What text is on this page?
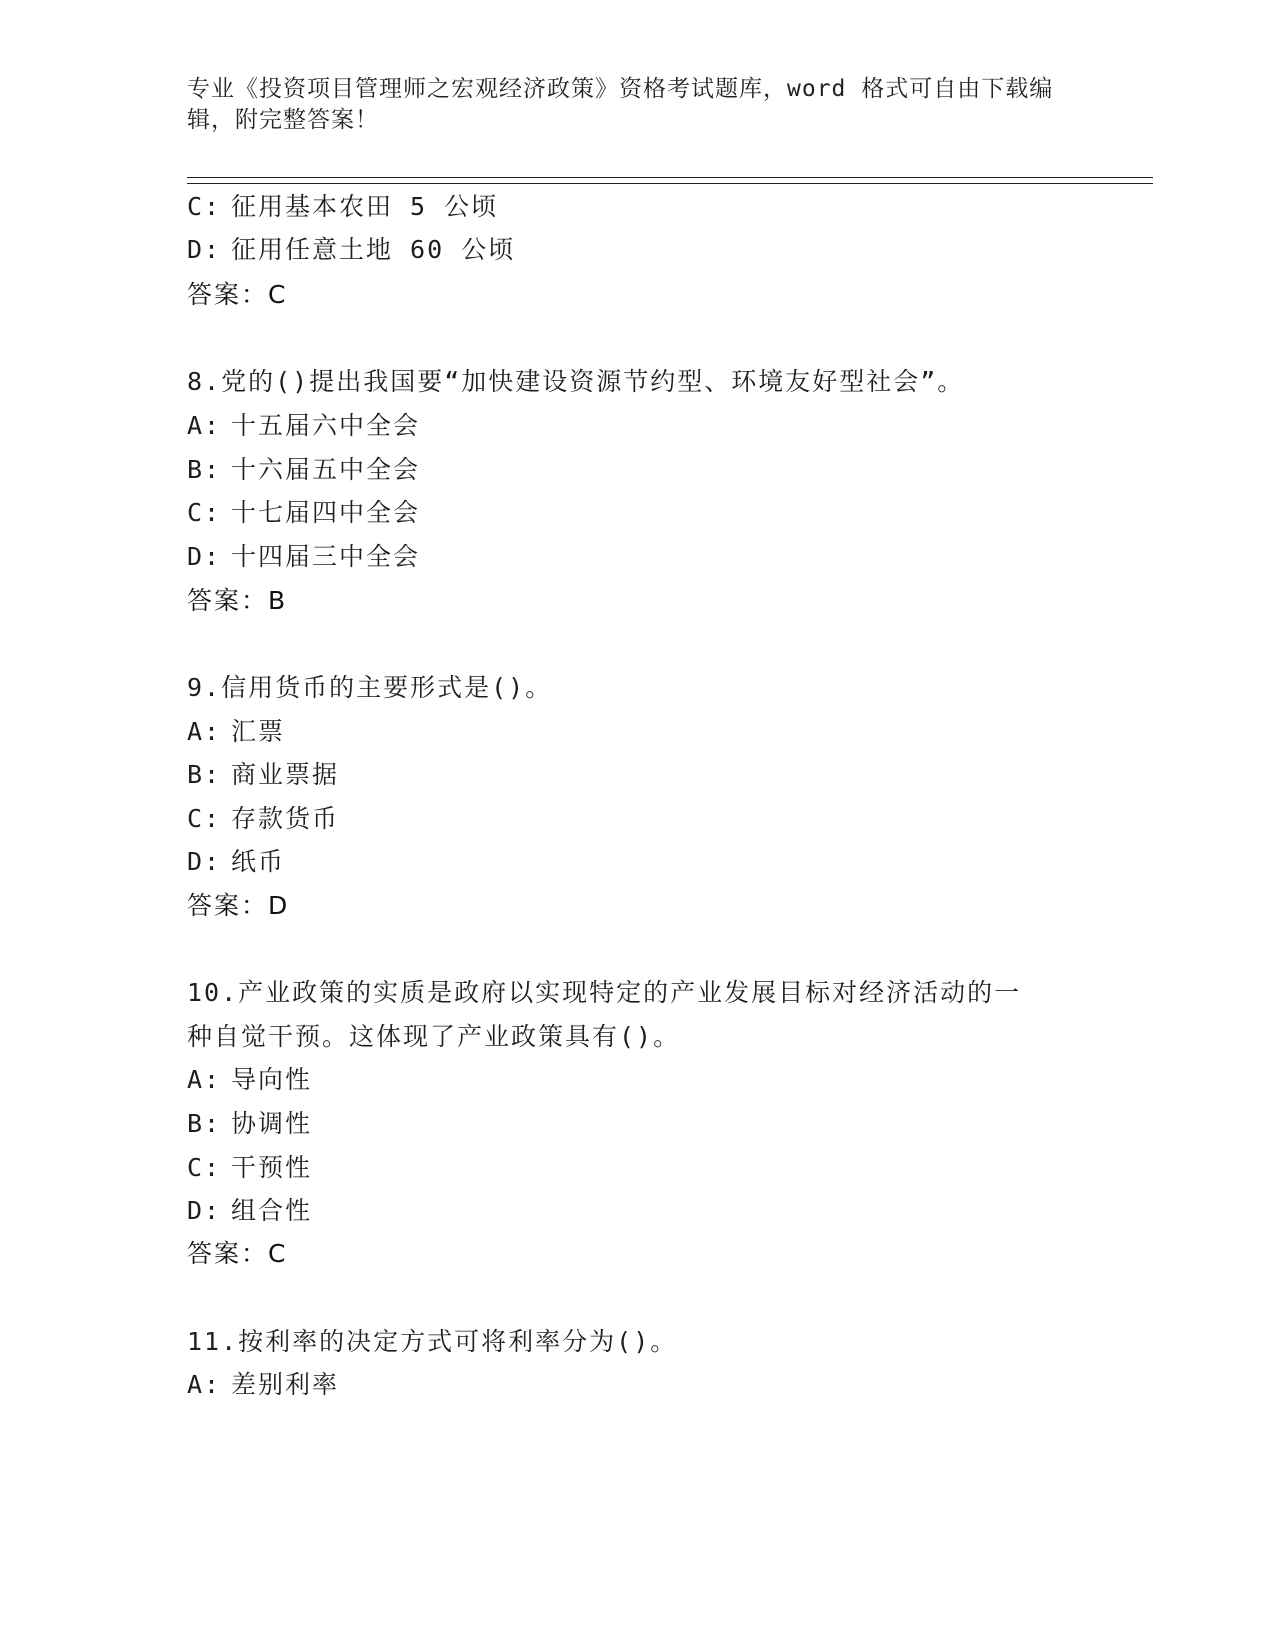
专业《投资项目管理师之宏观经济政策》资格考试题库，word 格式可自由下载编
辑，附完整答案！
C: 征用基本农田 5 公顷
D: 征用任意土地 60 公顷
答案：C
8.党的()提出我国要“加快建设资源节约型、环境友好型社会”。
A: 十五届六中全会
B: 十六届五中全会
C: 十七届四中全会
D: 十四届三中全会
答案：B
9.信用货币的主要形式是()。
A: 汇票
B: 商业票据
C: 存款货币
D: 纸币
答案：D
10.产业政策的实质是政府以实现特定的产业发展目标对经济活动的一
种自觉干预。这体现了产业政策具有()。
A: 导向性
B: 协调性
C: 干预性
D: 组合性
答案：C
11.按利率的决定方式可将利率分为()。
A: 差别利率
